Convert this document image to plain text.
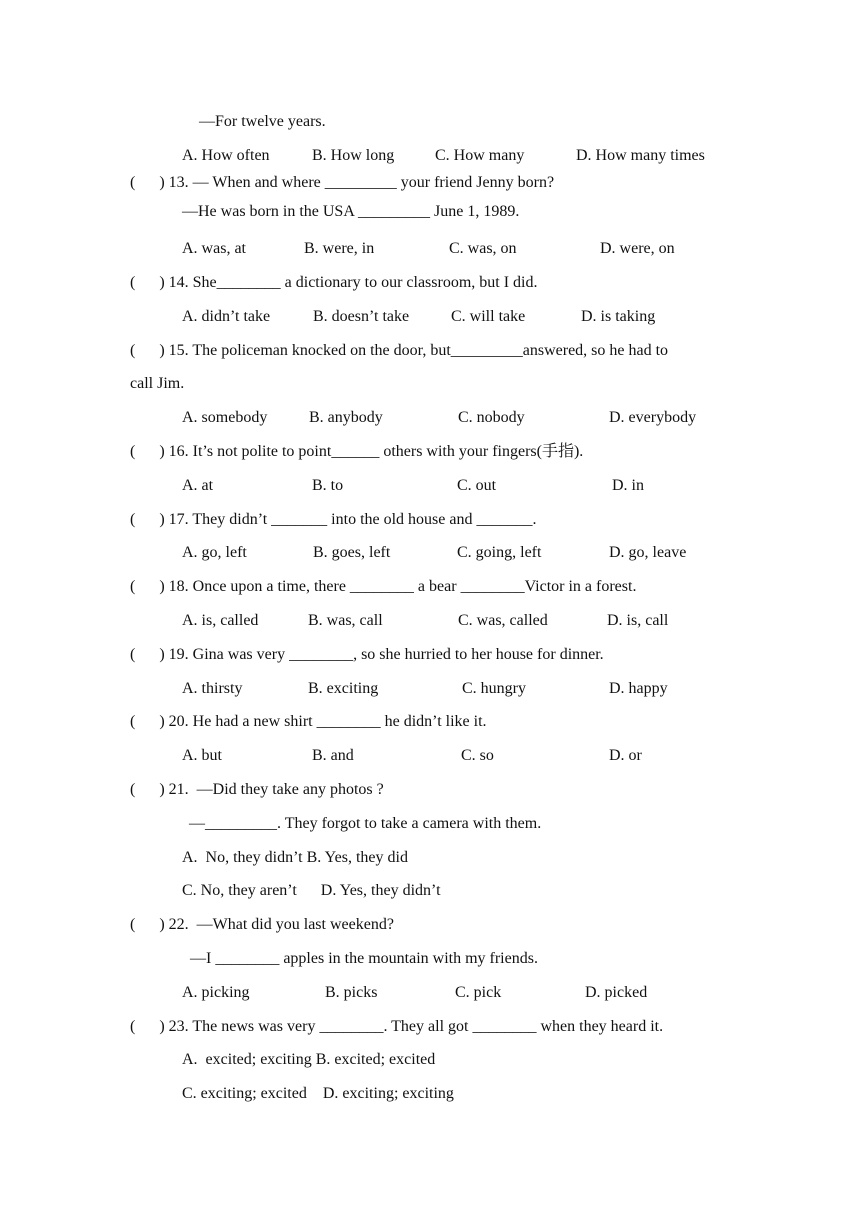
—For twelve years.
A. How often	B. How long	C. How many	D. How many times
(      ) 13. — When and where _________ your friend Jenny born?
—He was born in the USA _________ June 1, 1989.
A. was, at	B. were, in	C. was, on	D. were, on
(      ) 14. She________ a dictionary to our classroom, but I did.
A. didn’t take	B. doesn’t take	C. will take	D. is taking
(      ) 15. The policeman knocked on the door, but_________answered, so he had to
call Jim.
A. somebody	B. anybody	C. nobody	D. everybody
(      ) 16. It’s not polite to point______ others with your fingers(手指).
A. at	B. to	C. out	D. in
(      ) 17. They didn’t _______ into the old house and _______.
A. go, left	B. goes, left	C. going, left	D. go, leave
(      ) 18. Once upon a time, there ________ a bear ________Victor in a forest.
A. is, called	B. was, call	C. was, called	D. is, call
(      ) 19. Gina was very ________, so she hurried to her house for dinner.
A. thirsty	B. exciting	C. hungry	D. happy
(      ) 20. He had a new shirt ________ he didn’t like it.
A. but	B. and	C. so	D. or
(      ) 21.  —Did they take any photos ?
—_________. They forgot to take a camera with them.
A.  No, they didn’t B. Yes, they did
C. No, they aren’t      D. Yes, they didn’t
(      ) 22.  —What did you last weekend?
—I ________ apples in the mountain with my friends.
A. picking	B. picks	C. pick	D. picked
(      ) 23. The news was very ________. They all got ________ when they heard it.
A.  excited; exciting B. excited; excited
C. exciting; excited    D. exciting; exciting
